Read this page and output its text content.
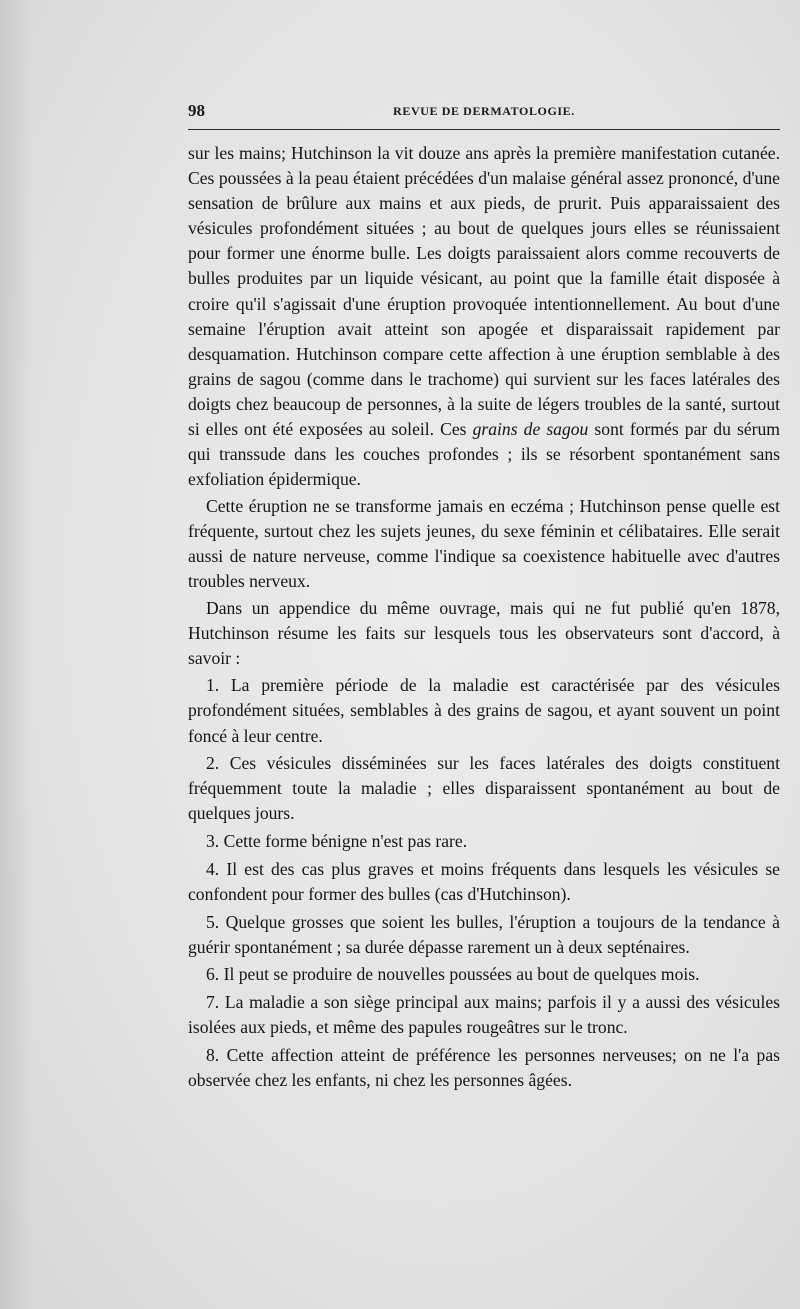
98	REVUE DE DERMATOLOGIE.

sur les mains; Hutchinson la vit douze ans après la première manifestation cutanée. Ces poussées à la peau étaient précédées d'un malaise général assez prononcé, d'une sensation de brûlure aux mains et aux pieds, de prurit. Puis apparaissaient des vésicules profondément situées ; au bout de quelques jours elles se réunissaient pour former une énorme bulle. Les doigts paraissaient alors comme recouverts de bulles produites par un liquide vésicant, au point que la famille était disposée à croire qu'il s'agissait d'une éruption provoquée intentionnellement. Au bout d'une semaine l'éruption avait atteint son apogée et disparaissait rapidement par desquamation. Hutchinson compare cette affection à une éruption semblable à des grains de sagou (comme dans le trachome) qui survient sur les faces latérales des doigts chez beaucoup de personnes, à la suite de légers troubles de la santé, surtout si elles ont été exposées au soleil. Ces grains de sagou sont formés par du sérum qui transsude dans les couches profondes ; ils se résorbent spontanément sans exfoliation épidermique.

Cette éruption ne se transforme jamais en eczéma ; Hutchinson pense quelle est fréquente, surtout chez les sujets jeunes, du sexe féminin et célibataires. Elle serait aussi de nature nerveuse, comme l'indique sa coexistence habituelle avec d'autres troubles nerveux.

Dans un appendice du même ouvrage, mais qui ne fut publié qu'en 1878, Hutchinson résume les faits sur lesquels tous les observateurs sont d'accord, à savoir :

1. La première période de la maladie est caractérisée par des vésicules profondément situées, semblables à des grains de sagou, et ayant souvent un point foncé à leur centre.

2. Ces vésicules disséminées sur les faces latérales des doigts constituent fréquemment toute la maladie ; elles disparaissent spontanément au bout de quelques jours.

3. Cette forme bénigne n'est pas rare.

4. Il est des cas plus graves et moins fréquents dans lesquels les vésicules se confondent pour former des bulles (cas d'Hutchinson).

5. Quelque grosses que soient les bulles, l'éruption a toujours de la tendance à guérir spontanément ; sa durée dépasse rarement un à deux septénaires.

6. Il peut se produire de nouvelles poussées au bout de quelques mois.

7. La maladie a son siège principal aux mains; parfois il y a aussi des vésicules isolées aux pieds, et même des papules rougeâtres sur le tronc.

8. Cette affection atteint de préférence les personnes nerveuses; on ne l'a pas observée chez les enfants, ni chez les personnes âgées.
